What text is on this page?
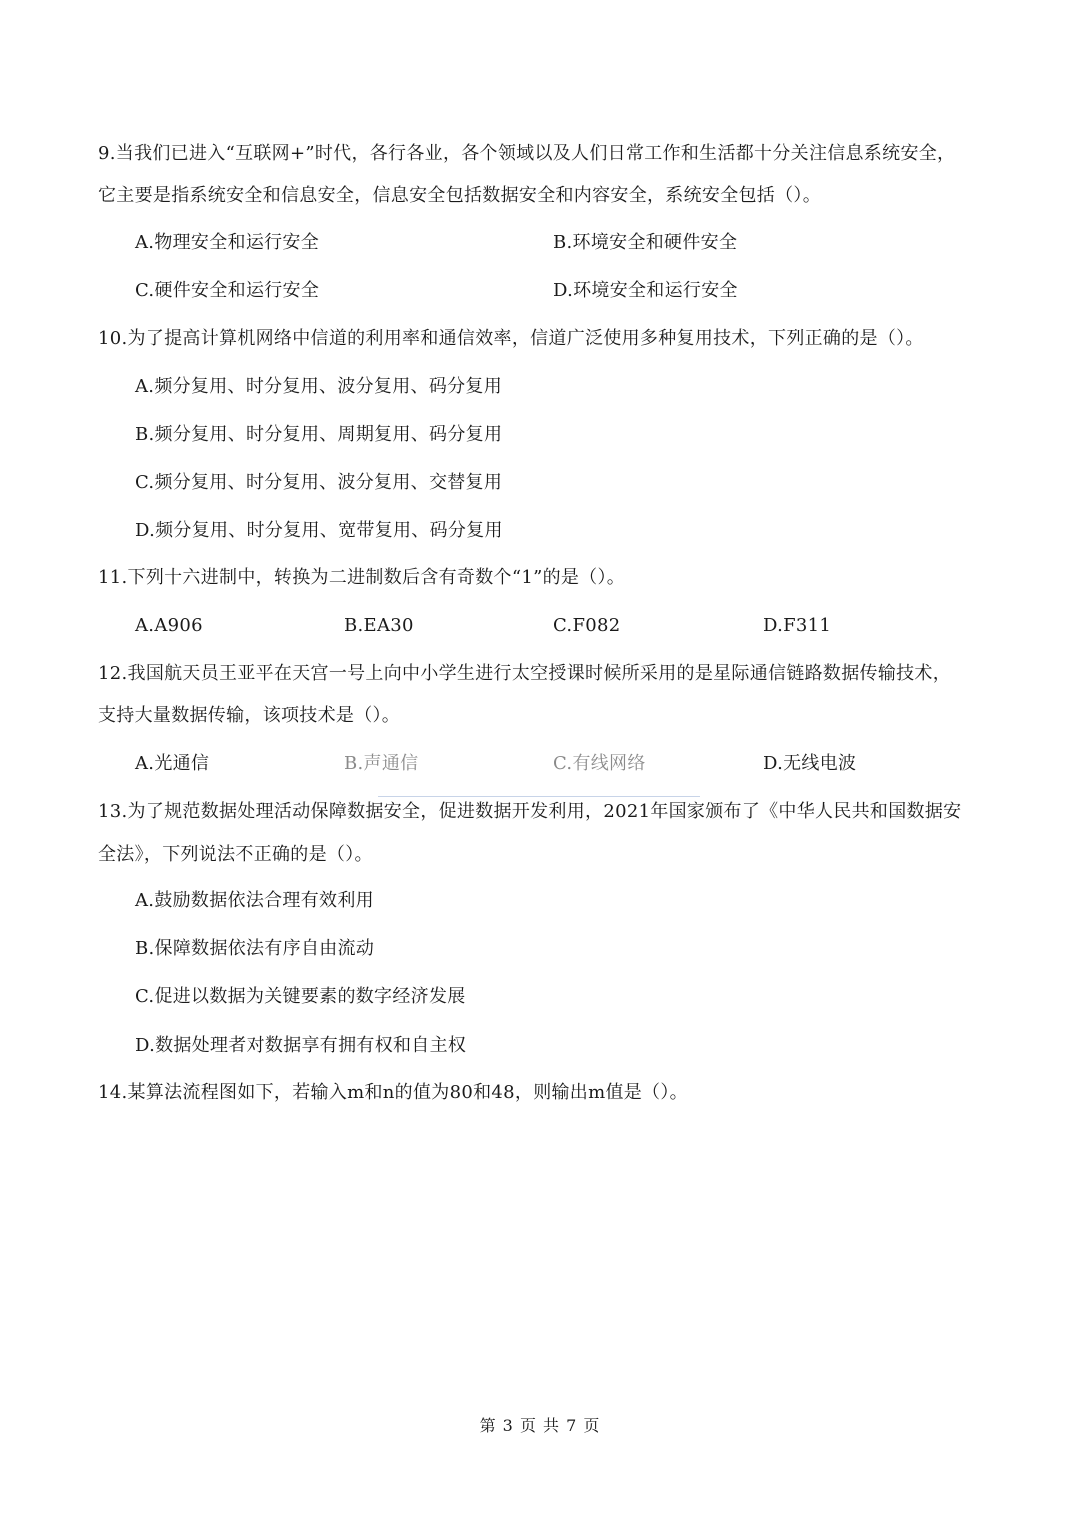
9.当我们已进入“互联网+”时代，各行各业，各个领域以及人们日常工作和生活都十分关注信息系统安全，
它主要是指系统安全和信息安全，信息安全包括数据安全和内容安全，系统安全包括（）。
A.物理安全和运行安全	B.环境安全和硬件安全
C.硬件安全和运行安全	D.环境安全和运行安全
10.为了提高计算机网络中信道的利用率和通信效率，信道广泛使用多种复用技术，下列正确的是（）。
A.频分复用、时分复用、波分复用、码分复用
B.频分复用、时分复用、周期复用、码分复用
C.频分复用、时分复用、波分复用、交替复用
D.频分复用、时分复用、宽带复用、码分复用
11.下列十六进制中，转换为二进制数后含有奇数个“1”的是（）。
A.A906	B.EA30	C.F082	D.F311
12.我国航天员王亚平在天宫一号上向中小学生进行太空授课时候所采用的是星际通信链路数据传输技术，
支持大量数据传输，该项技术是（）。
A.光通信	B.声通信	C.有线网络	D.无线电波
13.为了规范数据处理活动保障数据安全，促进数据开发利用，2021年国家颁布了《中华人民共和国数据安
全法》，下列说法不正确的是（）。
A.鼓励数据依法合理有效利用
B.保障数据依法有序自由流动
C.促进以数据为关键要素的数字经济发展
D.数据处理者对数据享有拥有权和自主权
14.某算法流程图如下，若输入m和n的值为80和48，则输出m值是（）。
第 3 页 共 7 页
